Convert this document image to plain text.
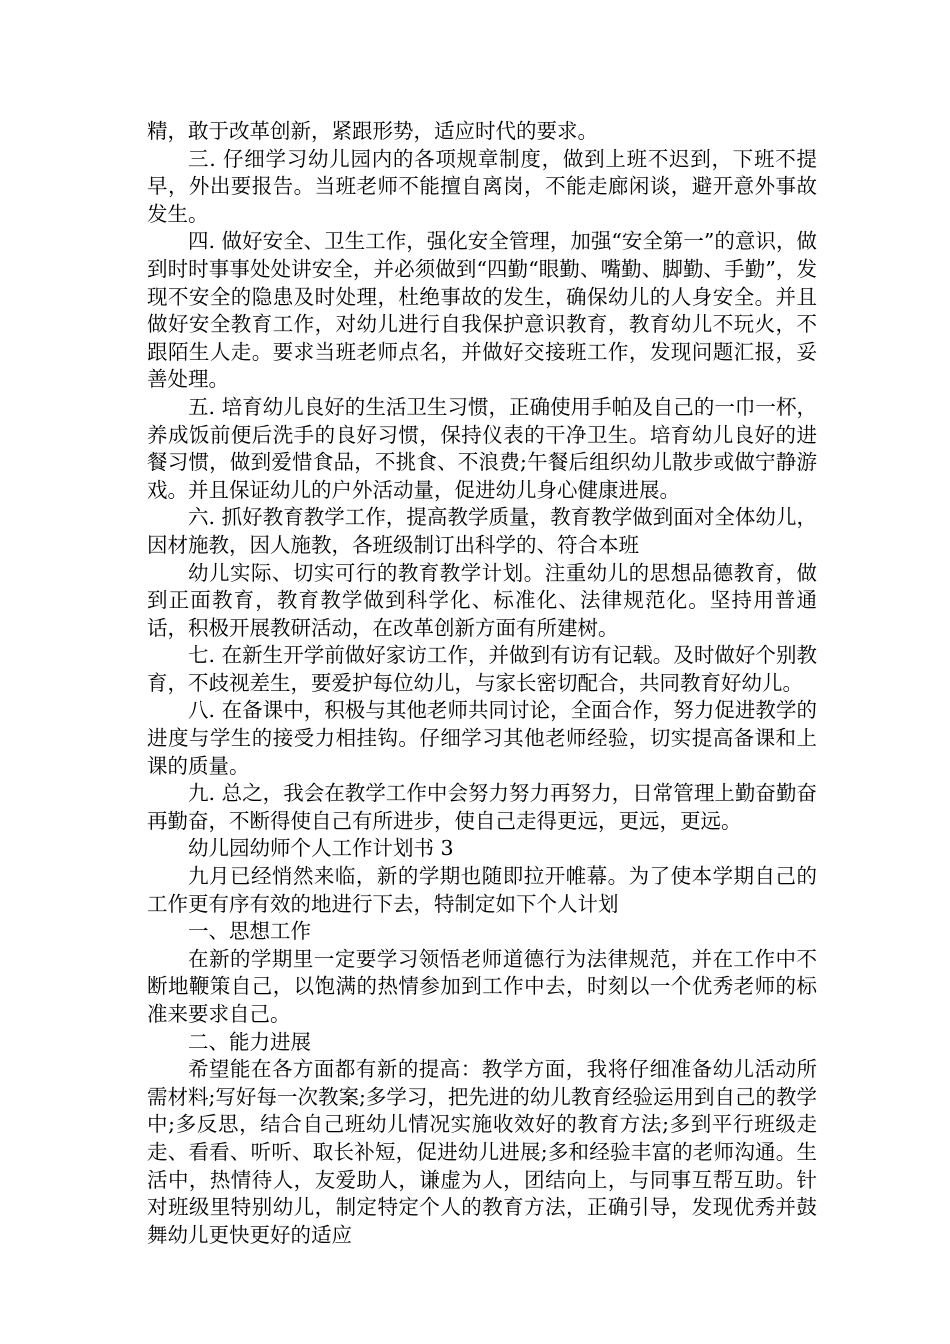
精，敢于改革创新，紧跟形势，适应时代的要求。

三. 仔细学习幼儿园内的各项规章制度，做到上班不迟到，下班不提早，外出要报告。当班老师不能擅自离岗，不能走廊闲谈，避开意外事故发生。

四. 做好安全、卫生工作，强化安全管理，加强“安全第一”的意识，做到时时事事处处讲安全，并必须做到“四勤“眼勤、嘴勤、脚勤、手勤”，发现不安全的隐患及时处理，杜绝事故的发生，确保幼儿的人身安全。并且做好安全教育工作，对幼儿进行自我保护意识教育，教育幼儿不玩火，不跟陌生人走。要求当班老师点名，并做好交接班工作，发现问题汇报，妥善处理。

五. 培育幼儿良好的生活卫生习惯，正确使用手帕及自己的一巾一杯，养成饭前便后洗手的良好习惯，保持仪表的干净卫生。培育幼儿良好的进餐习惯，做到爱惜食品，不挑食、不浪费;午餐后组织幼儿散步或做宁静游戏。并且保证幼儿的户外活动量，促进幼儿身心健康进展。

六. 抓好教育教学工作，提高教学质量，教育教学做到面对全体幼儿，因材施教，因人施教，各班级制订出科学的、符合本班

幼儿实际、切实可行的教育教学计划。注重幼儿的思想品德教育，做到正面教育，教育教学做到科学化、标准化、法律规范化。坚持用普通话，积极开展教研活动，在改革创新方面有所建树。

七. 在新生开学前做好家访工作，并做到有访有记载。及时做好个别教育，不歧视差生，要爱护每位幼儿，与家长密切配合，共同教育好幼儿。

八. 在备课中，积极与其他老师共同讨论，全面合作，努力促进教学的进度与学生的接受力相挂钩。仔细学习其他老师经验，切实提高备课和上课的质量。

九. 总之，我会在教学工作中会努力努力再努力，日常管理上勤奋勤奋再勤奋，不断得使自己有所进步，使自己走得更远，更远，更远。

幼儿园幼师个人工作计划书 3

九月已经悄然来临，新的学期也随即拉开帷幕。为了使本学期自己的工作更有序有效的地进行下去，特制定如下个人计划

一、思想工作

在新的学期里一定要学习领悟老师道德行为法律规范，并在工作中不断地鞭策自己，以饱满的热情参加到工作中去，时刻以一个优秀老师的标准来要求自己。

二、能力进展

希望能在各方面都有新的提高：教学方面，我将仔细准备幼儿活动所需材料;写好每一次教案;多学习，把先进的幼儿教育经验运用到自己的教学中;多反思，结合自己班幼儿情况实施收效好的教育方法;多到平行班级走走、看看、听听、取长补短，促进幼儿进展;多和经验丰富的老师沟通。生活中，热情待人，友爱助人，谦虚为人，团结向上，与同事互帮互助。针对班级里特别幼儿，制定特定个人的教育方法，正确引导，发现优秀并鼓舞幼儿更快更好的适应
